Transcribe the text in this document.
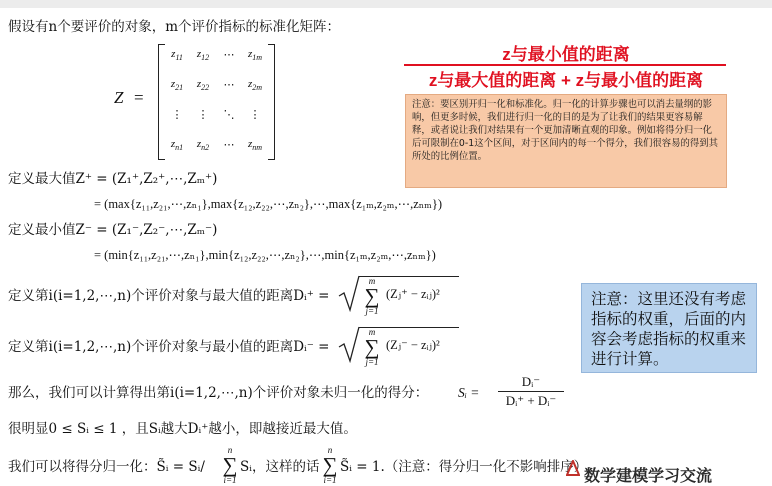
假设有n个要评价的对象，m个评价指标的标准化矩阵：
Z =
$z_{11}$	$z_{12}$	⋯	$z_{1m}$
$z_{21}$	$z_{22}$	⋯	$z_{2m}$
⋮	⋮	⋱	⋮
$z_{n1}$	$z_{n2}$	⋯	$z_{nm}$
z与最小值的距离
z与最大值的距离 + z与最小值的距离
注意：要区别开归一化和标准化。归一化的计算步骤也可以消去量纲的影响，但更多时候，我们进行归一化的目的是为了让我们的结果更容易解释，或者说让我们对结果有一个更加清晰直观的印象。例如将得分归一化后可限制在0-1这个区间，对于区间内的每一个得分，我们很容易的得到其所处的比例位置。
定义最大值Z⁺ = (Z₁⁺,Z₂⁺,⋯,Zₘ⁺)
= (max{z₁₁,z₂₁,⋯,zₙ₁},max{z₁₂,z₂₂,⋯,zₙ₂},⋯,max{z₁ₘ,z₂ₘ,⋯,zₙₘ})
定义最小值Z⁻ = (Z₁⁻,Z₂⁻,⋯,Zₘ⁻)
= (min{z₁₁,z₂₁,⋯,zₙ₁},min{z₁₂,z₂₂,⋯,zₙ₂},⋯,min{z₁ₘ,z₂ₘ,⋯,zₙₘ})
定义第i(i=1,2,⋯,n)个评价对象与最大值的距离Dᵢ⁺ =
m
∑
j=1
(Zⱼ⁺ − zᵢⱼ)²
定义第i(i=1,2,⋯,n)个评价对象与最小值的距离Dᵢ⁻ =
m
∑
j=1
(Zⱼ⁻ − zᵢⱼ)²
注意：这里还没有考虑指标的权重，后面的内容会考虑指标的权重来进行计算。
那么，我们可以计算得出第i(i=1,2,⋯,n)个评价对象未归一化的得分： Sᵢ =
Dᵢ⁻
Dᵢ⁺ + Dᵢ⁻
很明显0 ≤ Sᵢ ≤ 1 ，且Sᵢ越大Dᵢ⁺越小，即越接近最大值。
我们可以将得分归一化：S̃ᵢ = Sᵢ/
n
∑
i=1
Sᵢ，这样的话
n
∑
i=1
S̃ᵢ = 1.（注意：得分归一化不影响排序）
数学建模学习交流
